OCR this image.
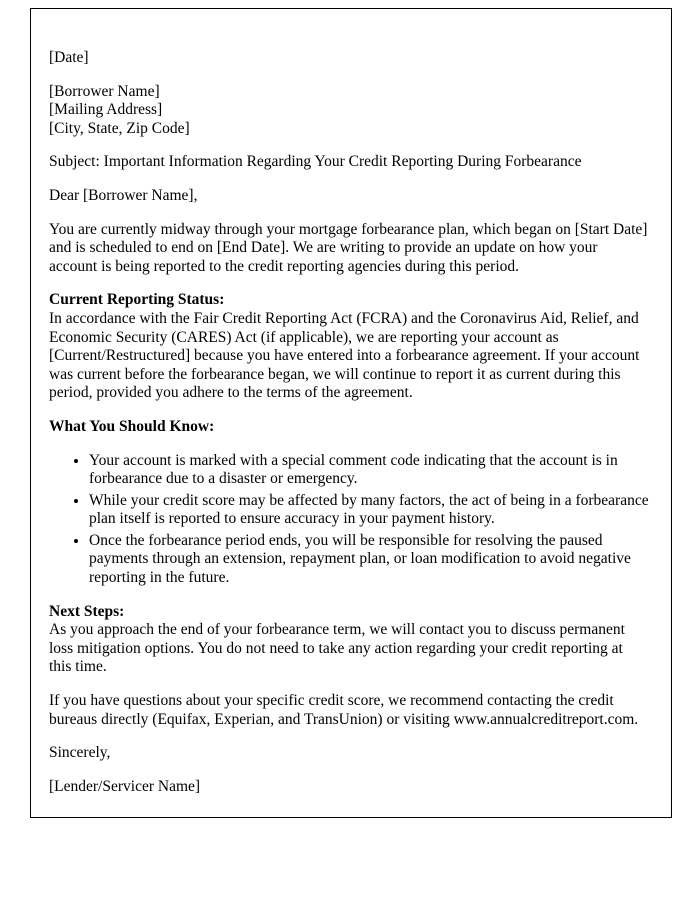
[Date]

[Borrower Name]
[Mailing Address]
[City, State, Zip Code]

Subject: Important Information Regarding Your Credit Reporting During Forbearance

Dear [Borrower Name],

You are currently midway through your mortgage forbearance plan, which began on [Start Date] and is scheduled to end on [End Date]. We are writing to provide an update on how your account is being reported to the credit reporting agencies during this period.

Current Reporting Status:
In accordance with the Fair Credit Reporting Act (FCRA) and the Coronavirus Aid, Relief, and Economic Security (CARES) Act (if applicable), we are reporting your account as [Current/Restructured] because you have entered into a forbearance agreement. If your account was current before the forbearance began, we will continue to report it as current during this period, provided you adhere to the terms of the agreement.

What You Should Know:

• Your account is marked with a special comment code indicating that the account is in forbearance due to a disaster or emergency.
• While your credit score may be affected by many factors, the act of being in a forbearance plan itself is reported to ensure accuracy in your payment history.
• Once the forbearance period ends, you will be responsible for resolving the paused payments through an extension, repayment plan, or loan modification to avoid negative reporting in the future.

Next Steps:
As you approach the end of your forbearance term, we will contact you to discuss permanent loss mitigation options. You do not need to take any action regarding your credit reporting at this time.

If you have questions about your specific credit score, we recommend contacting the credit bureaus directly (Equifax, Experian, and TransUnion) or visiting www.annualcreditreport.com.

Sincerely,

[Lender/Servicer Name]
